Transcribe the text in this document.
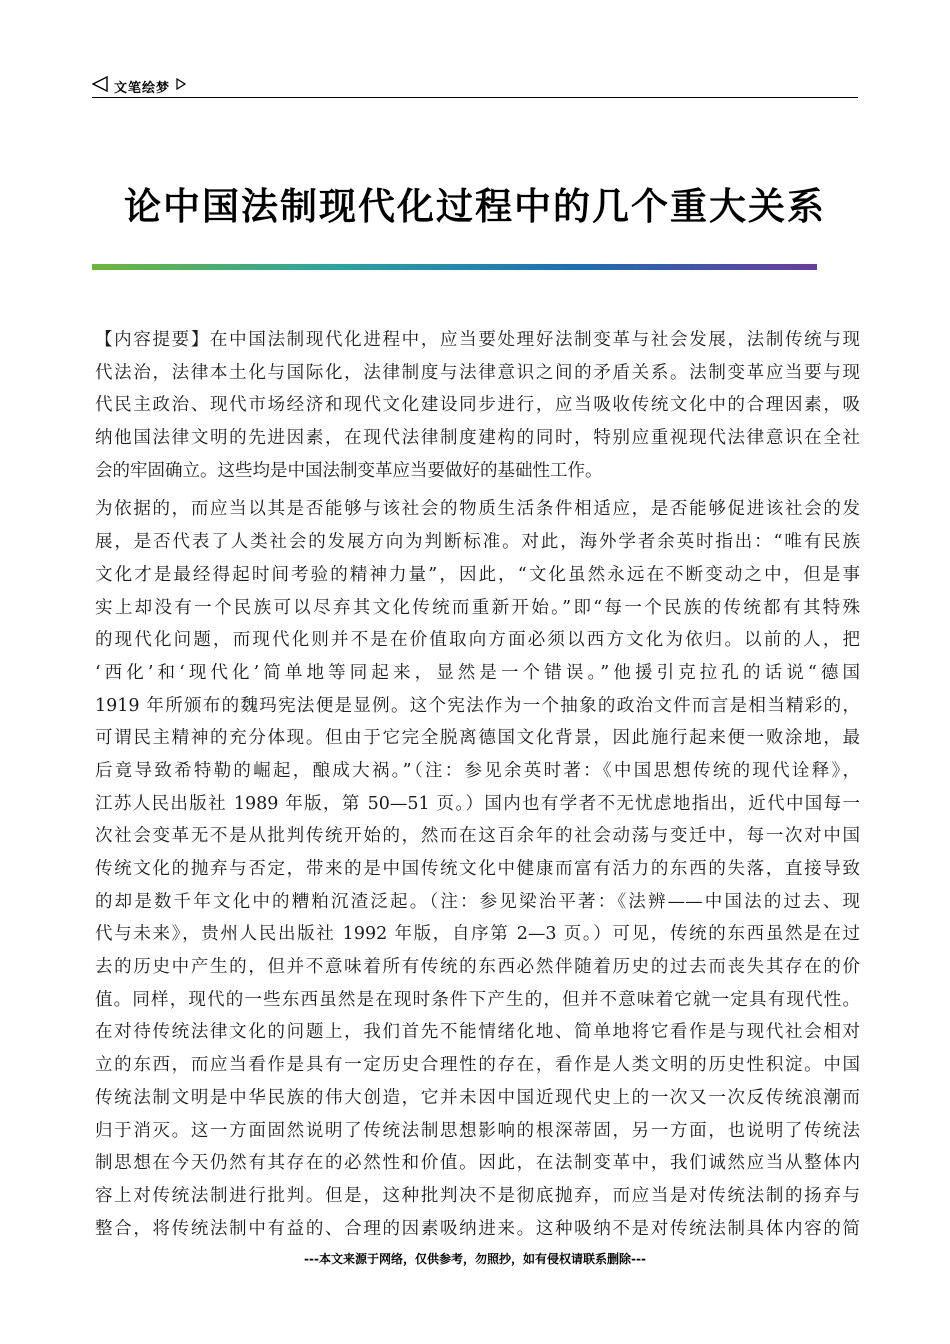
文笔绘梦
论中国法制现代化过程中的几个重大关系
【内容提要】在中国法制现代化进程中，应当要处理好法制变革与社会发展，法制传统与现
代法治，法律本土化与国际化，法律制度与法律意识之间的矛盾关系。法制变革应当要与现
代民主政治、现代市场经济和现代文化建设同步进行，应当吸收传统文化中的合理因素，吸
纳他国法律文明的先进因素，在现代法律制度建构的同时，特别应重视现代法律意识在全社
会的牢固确立。这些均是中国法制变革应当要做好的基础性工作。
为依据的，而应当以其是否能够与该社会的物质生活条件相适应，是否能够促进该社会的发
展，是否代表了人类社会的发展方向为判断标准。对此，海外学者余英时指出：“唯有民族
文化才是最经得起时间考验的精神力量”，因此，“文化虽然永远在不断变动之中，但是事
实上却没有一个民族可以尽弃其文化传统而重新开始。”即“每一个民族的传统都有其特殊
的现代化问题，而现代化则并不是在价值取向方面必须以西方文化为依归。以前的人，把
‘西化’和‘现代化’简单地等同起来，显然是一个错误。”他援引克拉孔的话说“德国
1919 年所颁布的魏玛宪法便是显例。这个宪法作为一个抽象的政治文件而言是相当精彩的，
可谓民主精神的充分体现。但由于它完全脱离德国文化背景，因此施行起来便一败涂地，最
后竟导致希特勒的崛起，酿成大祸。”（注：参见余英时著：《中国思想传统的现代诠释》，
江苏人民出版社 1989 年版，第 50—51 页。）国内也有学者不无忧虑地指出，近代中国每一
次社会变革无不是从批判传统开始的，然而在这百余年的社会动荡与变迁中，每一次对中国
传统文化的抛弃与否定，带来的是中国传统文化中健康而富有活力的东西的失落，直接导致
的却是数千年文化中的糟粕沉渣泛起。（注：参见梁治平著：《法辨——中国法的过去、现
代与未来》，贵州人民出版社 1992 年版，自序第 2—3 页。）可见，传统的东西虽然是在过
去的历史中产生的，但并不意味着所有传统的东西必然伴随着历史的过去而丧失其存在的价
值。同样，现代的一些东西虽然是在现时条件下产生的，但并不意味着它就一定具有现代性。
在对待传统法律文化的问题上，我们首先不能情绪化地、简单地将它看作是与现代社会相对
立的东西，而应当看作是具有一定历史合理性的存在，看作是人类文明的历史性积淀。中国
传统法制文明是中华民族的伟大创造，它并未因中国近现代史上的一次又一次反传统浪潮而
归于消灭。这一方面固然说明了传统法制思想影响的根深蒂固，另一方面，也说明了传统法
制思想在今天仍然有其存在的必然性和价值。因此，在法制变革中，我们诚然应当从整体内
容上对传统法制进行批判。但是，这种批判决不是彻底抛弃，而应当是对传统法制的扬弃与
整合，将传统法制中有益的、合理的因素吸纳进来。这种吸纳不是对传统法制具体内容的简
---本文来源于网络，仅供参考，勿照抄，如有侵权请联系删除---
